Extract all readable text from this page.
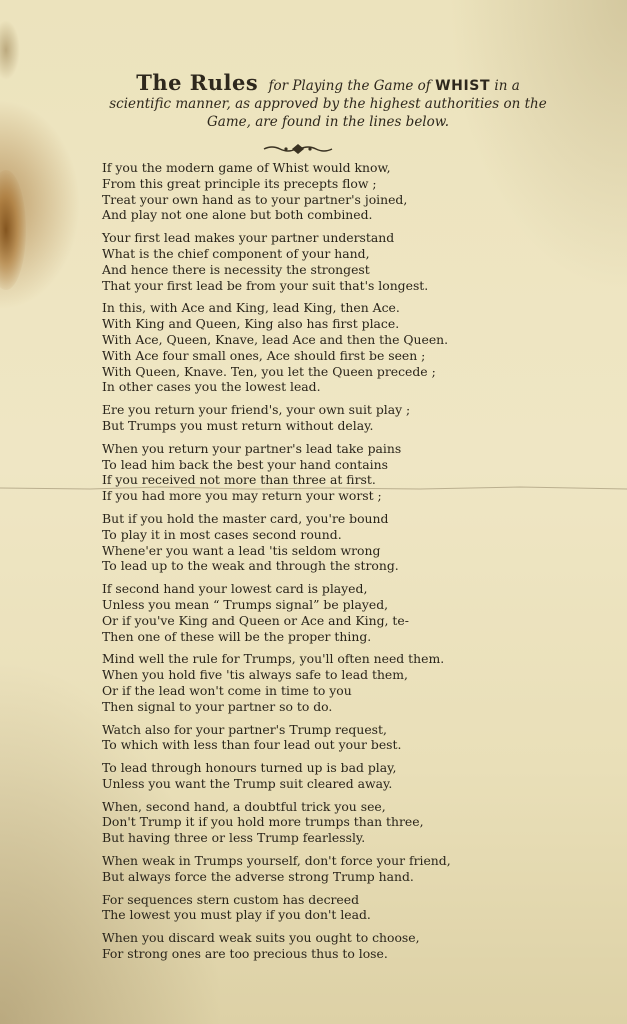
The Rules for Playing the Game of WHIST in a scientific manner, as approved by the highest authorities on the Game, are found in the lines below.
If you the modern game of Whist would know,
From this great principle its precepts flow ;
Treat your own hand as to your partner's joined,
And play not one alone but both combined.
Your first lead makes your partner understand
What is the chief component of your hand,
And hence there is necessity the strongest
That your first lead be from your suit that's longest.
In this, with Ace and King, lead King, then Ace.
With King and Queen, King also has first place.
With Ace, Queen, Knave, lead Ace and then the Queen.
With Ace four small ones, Ace should first be seen ;
With Queen, Knave. Ten, you let the Queen precede ;
In other cases you the lowest lead.
Ere you return your friend's, your own suit play ;
But Trumps you must return without delay.
When you return your partner's lead take pains
To lead him back the best your hand contains
If you received not more than three at first.
If you had more you may return your worst ;
But if you hold the master card, you're bound
To play it in most cases second round.
Whene'er you want a lead 'tis seldom wrong
To lead up to the weak and through the strong.
If second hand your lowest card is played,
Unless you mean “ Trumps signal” be played,
Or if you've King and Queen or Ace and King, te-
Then one of these will be the proper thing.
Mind well the rule for Trumps, you'll often need them.
When you hold five 'tis always safe to lead them,
Or if the lead won't come in time to you
Then signal to your partner so to do.
Watch also for your partner's Trump request,
To which with less than four lead out your best.
To lead through honours turned up is bad play,
Unless you want the Trump suit cleared away.
When, second hand, a doubtful trick you see,
Don't Trump it if you hold more trumps than three,
But having three or less Trump fearlessly.
When weak in Trumps yourself, don't force your friend,
But always force the adverse strong Trump hand.
For sequences stern custom has decreed
The lowest you must play if you don't lead.
When you discard weak suits you ought to choose,
For strong ones are too precious thus to lose.
